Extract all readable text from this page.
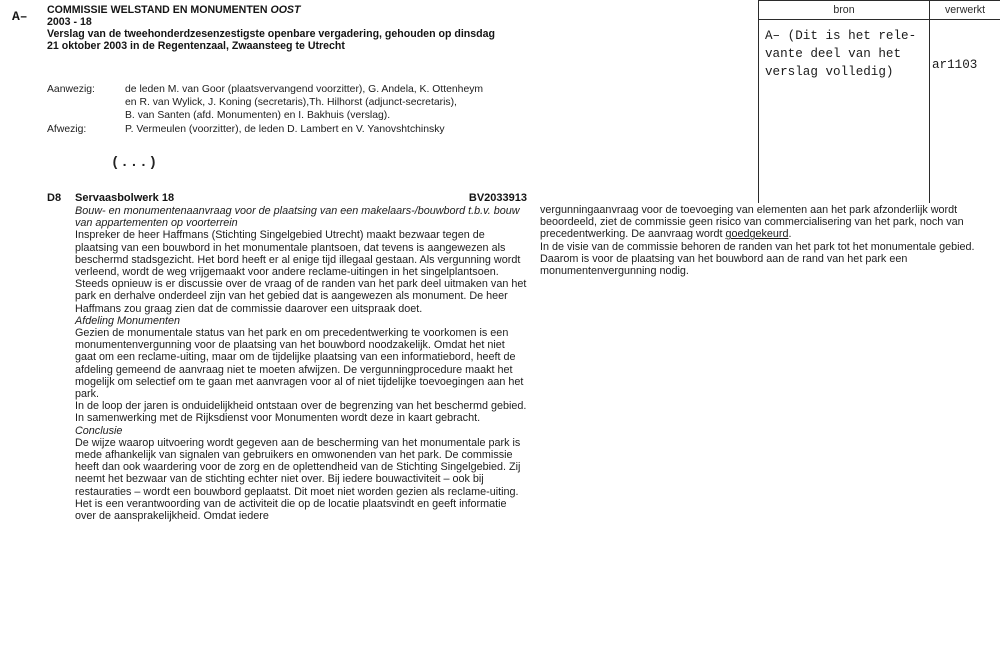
A–	bron	verwerkt
A– (Dit is het rele-
vante deel van het
verslag volledig)	ar1103
COMMISSIE WELSTAND EN MONUMENTEN OOST
2003 - 18
Verslag van de tweehonderdzesenzestigste openbare vergadering, gehouden op dinsdag
21 oktober 2003 in de Regentenzaal, Zwaansteeg te Utrecht
Aanwezig:	de leden M. van Goor (plaatsvervangend voorzitter), G. Andela, K. Ottenheym
en R. van Wylick, J. Koning (secretaris),Th. Hilhorst (adjunct-secretaris),
B. van Santen (afd. Monumenten) en I. Bakhuis (verslag).
Afwezig:	P. Vermeulen (voorzitter), de leden D. Lambert en V. Yanovshtchinsky
(...)
D8	Servaasbolwerk 18	BV2033913

Bouw- en monumentenaanvraag voor de plaatsing van een makelaars-/bouwbord t.b.v. bouw van appartementen op voorterrein

Inspreker de heer Haffmans (Stichting Singelgebied Utrecht) maakt bezwaar tegen de plaatsing van een bouwbord in het monumentale plantsoen, dat tevens is aangewezen als beschermd stadsgezicht. Het bord heeft er al enige tijd illegaal gestaan. Als vergunning wordt verleend, wordt de weg vrijgemaakt voor andere reclame-uitingen in het singelplantsoen.

Steeds opnieuw is er discussie over de vraag of de randen van het park deel uitmaken van het park en derhalve onderdeel zijn van het gebied dat is aangewezen als monument. De heer Haffmans zou graag zien dat de commissie daarover een uitspraak doet.

Afdeling Monumenten

Gezien de monumentale status van het park en om precedentwerking te voorkomen is een monumentenvergunning voor de plaatsing van het bouwbord noodzakelijk. Omdat het niet gaat om een reclame-uiting, maar om de tijdelijke plaatsing van een informatiebord, heeft de afdeling gemeend de aanvraag niet te moeten afwijzen. De vergunningprocedure maakt het mogelijk om selectief om te gaan met aanvragen voor al of niet tijdelijke toevoegingen aan het park.

In de loop der jaren is onduidelijkheid ontstaan over de begrenzing van het beschermd gebied. In samenwerking met de Rijksdienst voor Monumenten wordt deze in kaart gebracht.

Conclusie

De wijze waarop uitvoering wordt gegeven aan de bescherming van het monumentale park is mede afhankelijk van signalen van gebruikers en omwonenden van het park. De commissie heeft dan ook waardering voor de zorg en de oplettendheid van de Stichting Singelgebied. Zij neemt het bezwaar van de stichting echter niet over. Bij iedere bouwactiviteit – ook bij restauraties – wordt een bouwbord geplaatst. Dit moet niet worden gezien als reclame-uiting. Het is een verantwoording van de activiteit die op de locatie plaatsvindt en geeft informatie over de aansprakelijkheid. Omdat iedere

vergunningaanvraag voor de toevoeging van elementen aan het park afzonderlijk wordt beoordeeld, ziet de commissie geen risico van commercialisering van het park, noch van precedentwerking. De aanvraag wordt goedgekeurd.

In de visie van de commissie behoren de randen van het park tot het monumentale gebied. Daarom is voor de plaatsing van het bouwbord aan de rand van het park een monumentenvergunning nodig.
